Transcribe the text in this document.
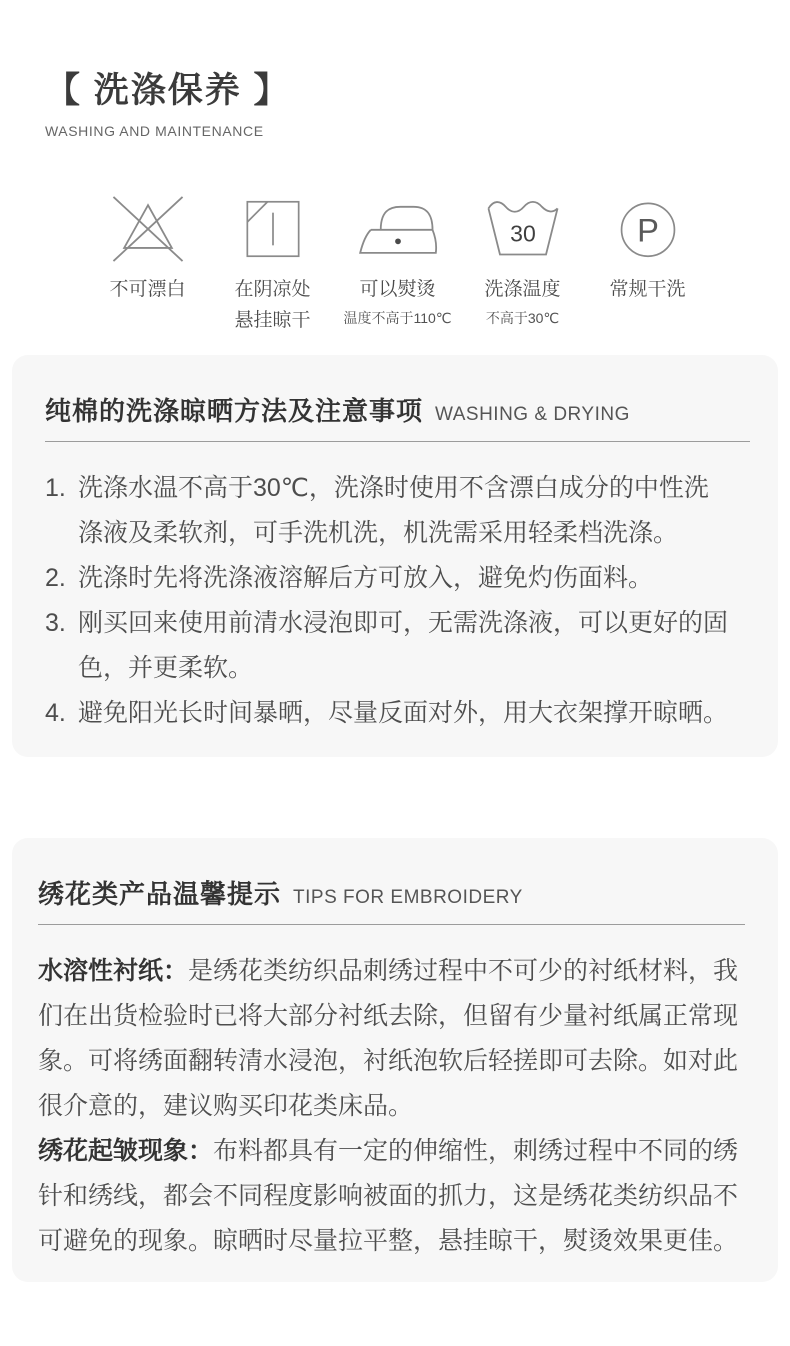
【 洗涤保养 】
WASHING AND MAINTENANCE
不可漂白	在阴凉处
悬挂晾干
可以熨烫
温度不高于110℃
30
洗涤温度
不高于30℃
P
常规干洗
纯棉的洗涤晾晒方法及注意事项 WASHING & DRYING
1. 洗涤水温不高于30℃，洗涤时使用不含漂白成分的中性洗涤液及柔软剂，可手洗机洗，机洗需采用轻柔档洗涤。
2. 洗涤时先将洗涤液溶解后方可放入，避免灼伤面料。
3. 刚买回来使用前清水浸泡即可，无需洗涤液，可以更好的固色，并更柔软。
4. 避免阳光长时间暴晒，尽量反面对外，用大衣架撑开晾晒。
绣花类产品温馨提示 TIPS FOR EMBROIDERY

水溶性衬纸：是绣花类纺织品刺绣过程中不可少的衬纸材料，我们在出货检验时已将大部分衬纸去除，但留有少量衬纸属正常现象。可将绣面翻转清水浸泡，衬纸泡软后轻搓即可去除。如对此很介意的，建议购买印花类床品。

绣花起皱现象：布料都具有一定的伸缩性，刺绣过程中不同的绣针和绣线，都会不同程度影响被面的抓力，这是绣花类纺织品不可避免的现象。晾晒时尽量拉平整，悬挂晾干，熨烫效果更佳。
